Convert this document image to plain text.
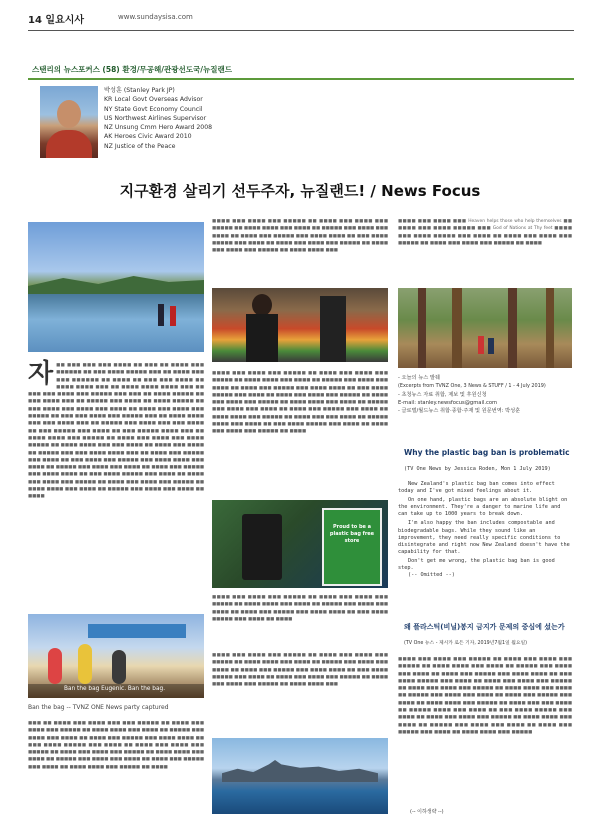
14 일요시사	www.sundaysisa.com
스탠리의 뉴스포커스 (58) 환경/무공해/관광선도국/뉴질랜드
박성훈 (Stanley Park JP)
KR Local Govt Overseas Advisor
NY State Govt Economy Council
US Northwest Airlines Supervisor
NZ Unsung Cmm Hero Award 2008
AK Heroes Civic Award 2010
NZ Justice of the Peace
지구환경 살리기 선두주자, 뉴질랜드! / News Focus
자 ■■ ■■■ ■■■ ■■■ ■■■■ ■■ ■■■ ■■ ■■■■ ■■■ ■■■■■■ ■■ ■■■ ■■■■ ■■■■■ ■■■ ■■ ■■■■ ■■■ ■■■ ■■■■■■ ■■ ■■■■ ■■ ■■■ ■■■ ■■■■ ■■ ■■■■ ■■■■ ■■■ ■■ ■■■■ ■■■■ ■■■■ ■■■ ■■ ■■■ ■■■ ■■■■ ■■■ ■■■■■ ■■■ ■■■ ■■ ■■■■ ■■■■■ ■■ ■■■ ■■■■ ■■■ ■■ ■■■■■ ■■■ ■■■■ ■■ ■■■■ ■■■■■ ■■ ■■■ ■■■■ ■■■ ■■■■ ■■■ ■■■■ ■■ ■■■■ ■■■ ■■■■ ■■■ ■■■■■ ■■ ■■■ ■■■ ■■■■ ■■■ ■■■■■ ■■■ ■■ ■■■■ ■■■■ ■■■ ■■■ ■■■■ ■■■ ■■ ■■■■■ ■■■ ■■■■ ■■■ ■■■ ■■■■ ■■ ■■■ ■■■■■ ■■■ ■■■■ ■■ ■■■ ■■■■■ ■■■■ ■■■ ■■ ■■■■ ■■■■ ■■■ ■■■■■ ■■ ■■■■ ■■■ ■■■■ ■■■ ■■■■ ■■■■■ ■■ ■■■■ ■■■■ ■■■ ■■■ ■■■■ ■■ ■■■■ ■■■ ■■■■ ■■ ■■■■■ ■■■ ■■■ ■■■■ ■■■■ ■■■ ■■ ■■■■ ■■■ ■■■■■ ■■■ ■■■■ ■■ ■■■ ■■■■ ■■■ ■■■■■ ■■■ ■■■■ ■■■■ ■■■ ■■■■ ■■ ■■■■■ ■■■ ■■■■ ■■■ ■■■■ ■■ ■■■■ ■■■ ■■■■■ ■■■ ■■■■ ■■■■ ■■ ■■■ ■■■■ ■■■■■ ■■■ ■■■■ ■■ ■■■■ ■■■ ■■■■ ■■■ ■■■■■ ■■ ■■■■ ■■■ ■■■■ ■■■ ■■■■■ ■■ ■■■■ ■■■■ ■■■ ■■■■ ■■ ■■■■■ ■■■ ■■■■ ■■■ ■■■■ ■■ ■■■■
Ban the bag Eugenic. Ban the bag.
Ban the bag -- TVNZ ONE News party captured
■■■ ■■ ■■■■ ■■■ ■■■■ ■■■ ■■■ ■■■■■ ■■ ■■■■ ■■■ ■■■■ ■■■ ■■■■■ ■■ ■■■■ ■■■■ ■■■ ■■■■ ■■ ■■■■■ ■■■ ■■■■ ■■■ ■■■■ ■■ ■■■■ ■■■ ■■■■■ ■■■ ■■■■ ■■■■ ■■ ■■■ ■■■■ ■■■■■ ■■■ ■■■■ ■■ ■■■■ ■■■ ■■■■ ■■■ ■■■■■ ■■ ■■■■ ■■■ ■■■■ ■■■ ■■■■■ ■■ ■■■■ ■■■■ ■■■ ■■■■ ■■ ■■■■■ ■■■ ■■■■ ■■■ ■■■■ ■■ ■■■■ ■■■ ■■■■■ ■■■ ■■■■ ■■ ■■■■ ■■■■ ■■■ ■■■■■ ■■ ■■■■
■■■■ ■■■ ■■■■ ■■■ ■■■■■ ■■ ■■■■ ■■■ ■■■■ ■■■ ■■■■■ ■■ ■■■■ ■■■■ ■■■ ■■■■ ■■ ■■■■■ ■■■ ■■■■ ■■■ ■■■■ ■■ ■■■■ ■■■ ■■■■■ ■■■ ■■■■ ■■■■ ■■ ■■■ ■■■■ ■■■■■ ■■■ ■■■■ ■■ ■■■■ ■■■ ■■■■ ■■■ ■■■■■ ■■ ■■■■ ■■■ ■■■■ ■■■ ■■■■■ ■■ ■■■■ ■■■■ ■■■
■■■■ ■■■ ■■■■ ■■■ ■■■■■ ■■ ■■■■ ■■■ ■■■■ ■■■ ■■■■■ ■■ ■■■■ ■■■■ ■■■ ■■■■ ■■ ■■■■■ ■■■ ■■■■ ■■■ ■■■■ ■■ ■■■■ ■■■ ■■■■■ ■■■ ■■■■ ■■■■ ■■ ■■■ ■■■■ ■■■■■ ■■■ ■■■■ ■■ ■■■■ ■■■ ■■■■ ■■■ ■■■■■ ■■ ■■■■ ■■■ ■■■■ ■■■ ■■■■■ ■■ ■■■■ ■■■■ ■■■ ■■■■ ■■ ■■■■■ ■■■ ■■■■ ■■■ ■■■■ ■■ ■■■■ ■■■ ■■■■■ ■■■ ■■■■ ■■ ■■■■ ■■■■ ■■■ ■■■■■ ■■ ■■■■ ■■■ ■■■ ■■■■ ■■ ■■■■■ ■■■■ ■■■ ■■■■ ■■ ■■■ ■■■■ ■■■■■ ■■■ ■■■■ ■■ ■■■■ ■■■ ■■■■ ■■■ ■■■■■ ■■ ■■■■
Proud to be a plastic bag free store
■■■■ ■■■ ■■■■ ■■■ ■■■■■ ■■ ■■■■ ■■■ ■■■■ ■■■ ■■■■■ ■■ ■■■■ ■■■■ ■■■ ■■■■ ■■ ■■■■■ ■■■ ■■■■ ■■■ ■■■■ ■■ ■■■■ ■■■ ■■■■■ ■■■ ■■■■ ■■■■ ■■ ■■■ ■■■■ ■■■■■ ■■■ ■■■■ ■■ ■■■■
■■■■ ■■■ ■■■■ ■■■ ■■■■■ ■■ ■■■■ ■■■ ■■■■ ■■■ ■■■■■ ■■ ■■■■ ■■■■ ■■■ ■■■■ ■■ ■■■■■ ■■■ ■■■■ ■■■ ■■■■ ■■ ■■■■ ■■■ ■■■■■ ■■■ ■■■■ ■■■■ ■■ ■■■ ■■■■ ■■■■■ ■■■ ■■■■ ■■ ■■■■ ■■■ ■■■■ ■■■ ■■■■■ ■■ ■■■■ ■■■ ■■■■ ■■■ ■■■■■ ■■ ■■■■ ■■■■ ■■■
■■■■ ■■■ ■■■■ ■■■ Heaven helps those who help themselves ■■ ■■■■ ■■■ ■■■■ ■■■■■ ■■■ God of Nations at Thy feet ■■■■ ■■■ ■■■■ ■■■■■ ■■■ ■■■■ ■■ ■■■■ ■■■ ■■■■ ■■■ ■■■■■ ■■ ■■■■ ■■■ ■■■■ ■■■ ■■■■■ ■■ ■■■■
- 오늘의 뉴스 발췌
(Excerpts from TVNZ One, 3 News & STUFF / 1 - 4 July 2019)
- 초청뉴스 자료 취합, 제보 및 후원신청
E-mail: stanley.newsfocus@gmail.com
- 글로벌/월드뉴스 취합·종합·주재 및 원문번역: 박성훈
Why the plastic bag ban is problematic
(TV One News by Jessica Roden, Mon 1 July 2019)
New Zealand's plastic bag ban comes into effect today and I've got mixed feelings about it.
On one hand, plastic bags are an absolute blight on the environment. They're a danger to marine life and can take up to 1000 years to break down.
I'm also happy the ban includes compostable and biodegradable bags. While they sound like an improvement, they need really specific conditions to disintegrate and right now New Zealand doesn't have the capability for that.
Don't get me wrong, the plastic bag ban is good step.
(-- Omitted --)
왜 플라스틱(비닐)봉지 금지가 문제의 중심에 섰는가
(TV One 뉴스 - 제시카 로든 기자, 2019년7월1일 월요일)
■■■■ ■■■ ■■■■ ■■■ ■■■■■ ■■ ■■■■ ■■■ ■■■■ ■■■ ■■■■■ ■■ ■■■■ ■■■■ ■■■ ■■■■ ■■ ■■■■■ ■■■ ■■■■ ■■■ ■■■■ ■■ ■■■■ ■■■ ■■■■■ ■■■ ■■■■ ■■■■ ■■ ■■■ ■■■■ ■■■■■ ■■■ ■■■■ ■■ ■■■■ ■■■ ■■■■ ■■■ ■■■■■ ■■ ■■■■ ■■■ ■■■■ ■■■ ■■■■■ ■■ ■■■■ ■■■■ ■■■ ■■■■ ■■ ■■■■■ ■■■ ■■■■ ■■■ ■■■■ ■■ ■■■■ ■■■ ■■■■■ ■■■ ■■■■ ■■ ■■■■ ■■■■ ■■■ ■■■■■ ■■ ■■■■ ■■■ ■■■ ■■■■ ■■ ■■■■■ ■■■■ ■■■ ■■■■ ■■ ■■■ ■■■■ ■■■■■ ■■■ ■■■■ ■■ ■■■■ ■■■ ■■■■ ■■■ ■■■■■ ■■ ■■■■ ■■■■ ■■■ ■■■■ ■■ ■■■■■ ■■■ ■■■■ ■■■ ■■■■ ■■ ■■■■ ■■■ ■■■■■ ■■■ ■■■■ ■■ ■■■■ ■■■■ ■■■ ■■■■■
(-- 이하생략 --)
